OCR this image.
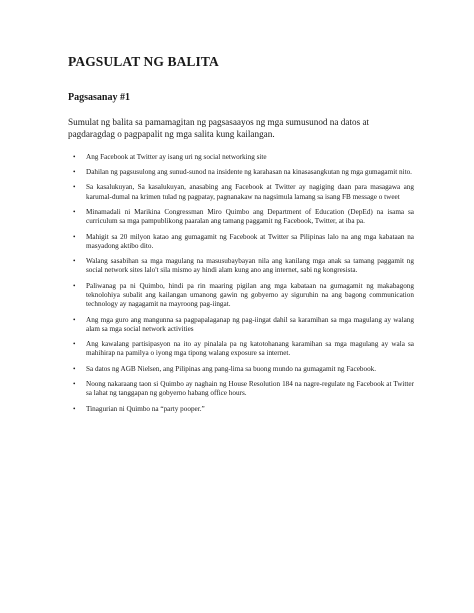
PAGSULAT NG BALITA
Pagsasanay #1

Sumulat ng balita sa pamamagitan ng pagsasaayos ng mga sumusunod na datos at pagdaragdag o pagpapalit ng mga salita kung kailangan.

• Ang Facebook at Twitter ay isang uri ng social networking site
• Dahilan ng pagsusulong ang sunud-sunod na insidente ng karahasan na kinasasangkutan ng mga gumagamit nito.
• Sa kasalukuyan, Sa kasalukuyan, anasabing ang Facebook at Twitter ay nagiging daan para masagawa ang karumal-dumal na krimen tulad ng pagpatay, pagnanakaw na nagsimula lamang sa isang FB message o tweet
• Minamadali ni Marikina Congressman Miro Quimbo ang Department of Education (DepEd) na isama sa curriculum sa mga pampublikong paaralan ang tamang paggamit ng Facebook, Twitter, at iba pa.
• Mahigit sa 20 milyon katao ang gumagamit ng Facebook at Twitter sa Pilipinas lalo na ang mga kabataan na masyadong aktibo dito.
• Walang sasabihan sa mga magulang na masusubaybayan nila ang kanilang mga anak sa tamang paggamit ng social network sites lalo't sila mismo ay hindi alam kung ano ang internet, sabi ng kongresista.
• Paliwanag pa ni Quimbo, hindi pa rin maaring pigilan ang mga kabataan na gumagamit ng makabagong teknolohiya subalit ang kailangan umanong gawin ng gobyerno ay siguruhin na ang bagong communication technology ay nagagamit na mayroong pag-iingat.
• Ang mga guro ang mangunna sa pagpapalaganap ng pag-iingat dahil sa karamihan sa mga magulang ay walang alam sa mga social network activities
• Ang kawalang partisipasyon na ito ay pinalala pa ng katotohanang karamihan sa mga magulang ay wala sa mahihirap na pamilya o iyong mga tipong walang exposure sa internet.
• Sa datos ng AGB Nielsen, ang Pilipinas ang pang-lima sa buong mundo na gumagamit ng Facebook.
• Noong nakaraang taon si Quimbo ay naghain ng House Resolution 184 na nagre-regulate ng Facebook at Twitter sa lahat ng tanggapan ng gobyerno habang office hours.
• Tinagurian ni Quimbo na “party pooper.”
